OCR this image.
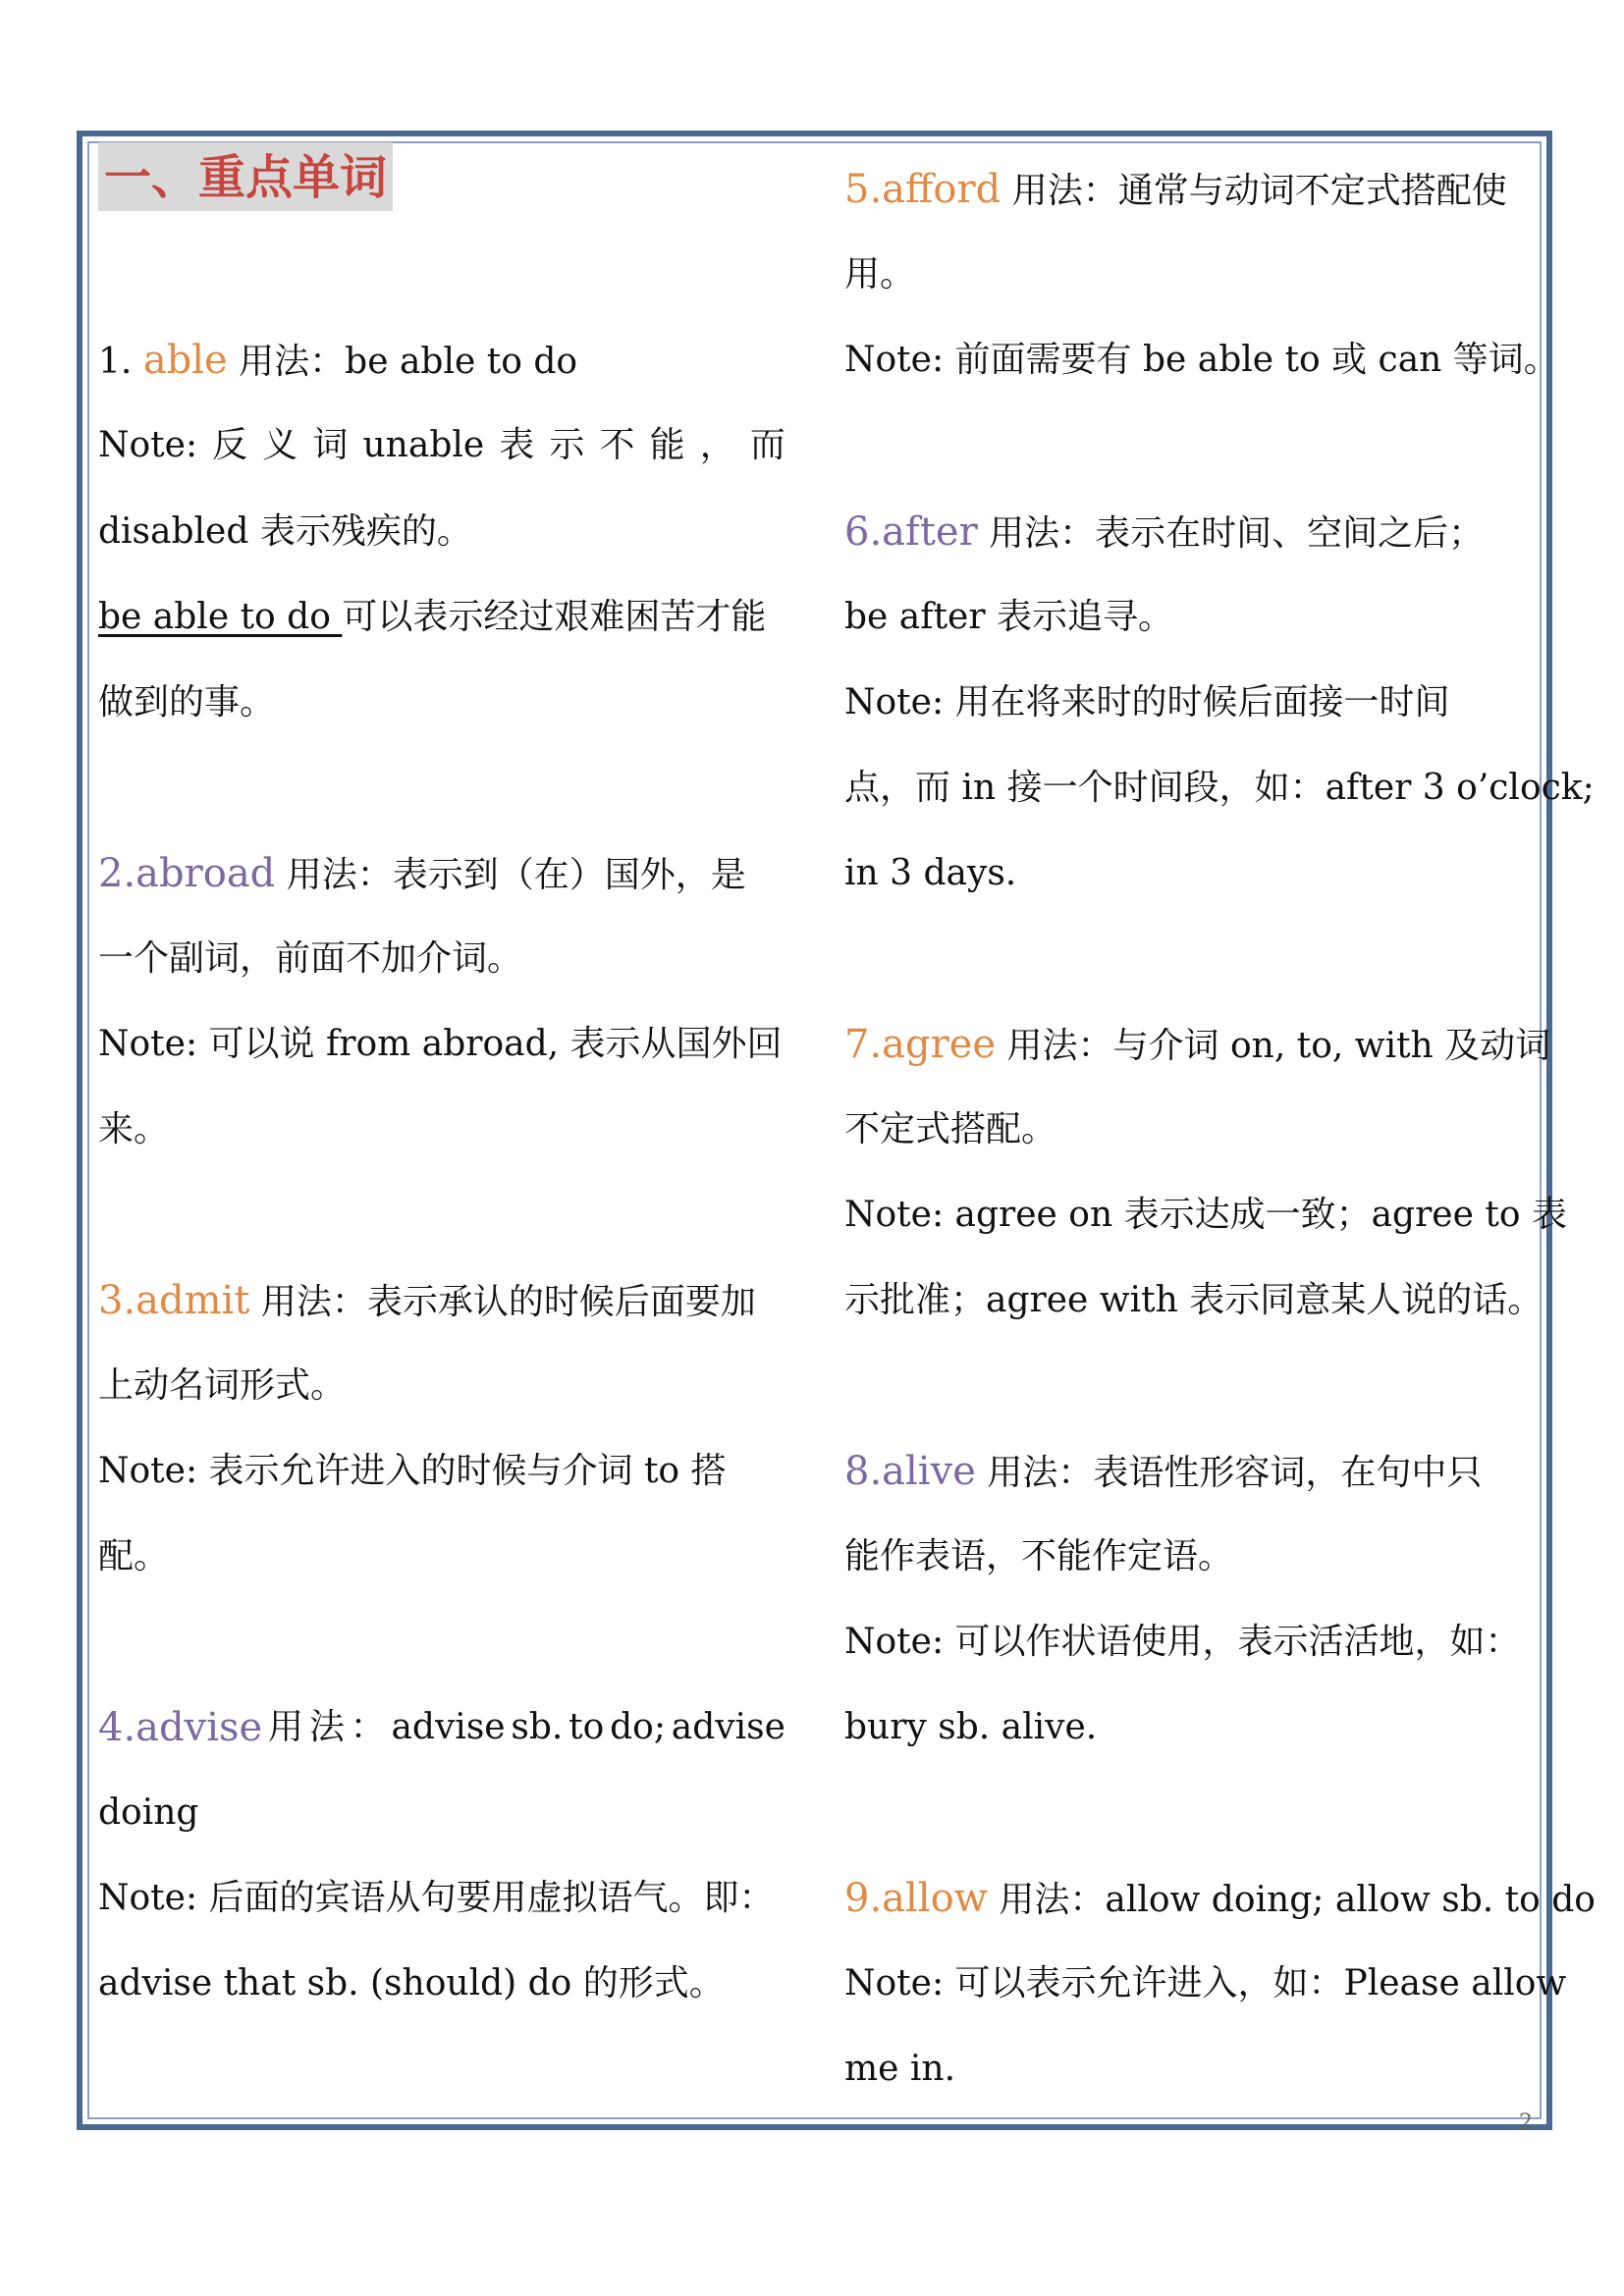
一、重点单词
1. able 用法：be able to do
Note: 反 义 词 unable 表 示 不 能 ， 而
disabled 表示残疾的。
be able to do 可以表示经过艰难困苦才能
做到的事。
2.abroad 用法：表示到（在）国外，是
一个副词，前面不加介词。
Note: 可以说 from abroad, 表示从国外回
来。
3.admit 用法：表示承认的时候后面要加
上动名词形式。
Note: 表示允许进入的时候与介词 to 搭
配。
4.advise 用 法 ： advise sb. to do; advise
doing
Note: 后面的宾语从句要用虚拟语气。即：
advise that sb. (should) do 的形式。
5.afford 用法：通常与动词不定式搭配使
用。
Note: 前面需要有 be able to 或 can 等词。
6.after 用法：表示在时间、空间之后；
be after 表示追寻。
Note: 用在将来时的时候后面接一时间
点，而 in 接一个时间段，如：after 3 o’clock;
in 3 days.
7.agree 用法：与介词 on, to, with 及动词
不定式搭配。
Note: agree on 表示达成一致；agree to 表
示批准；agree with 表示同意某人说的话。
8.alive 用法：表语性形容词，在句中只
能作表语，不能作定语。
Note: 可以作状语使用，表示活活地，如：
bury sb. alive.
9.allow 用法：allow doing; allow sb. to do
Note: 可以表示允许进入，如：Please allow
me in.
2
